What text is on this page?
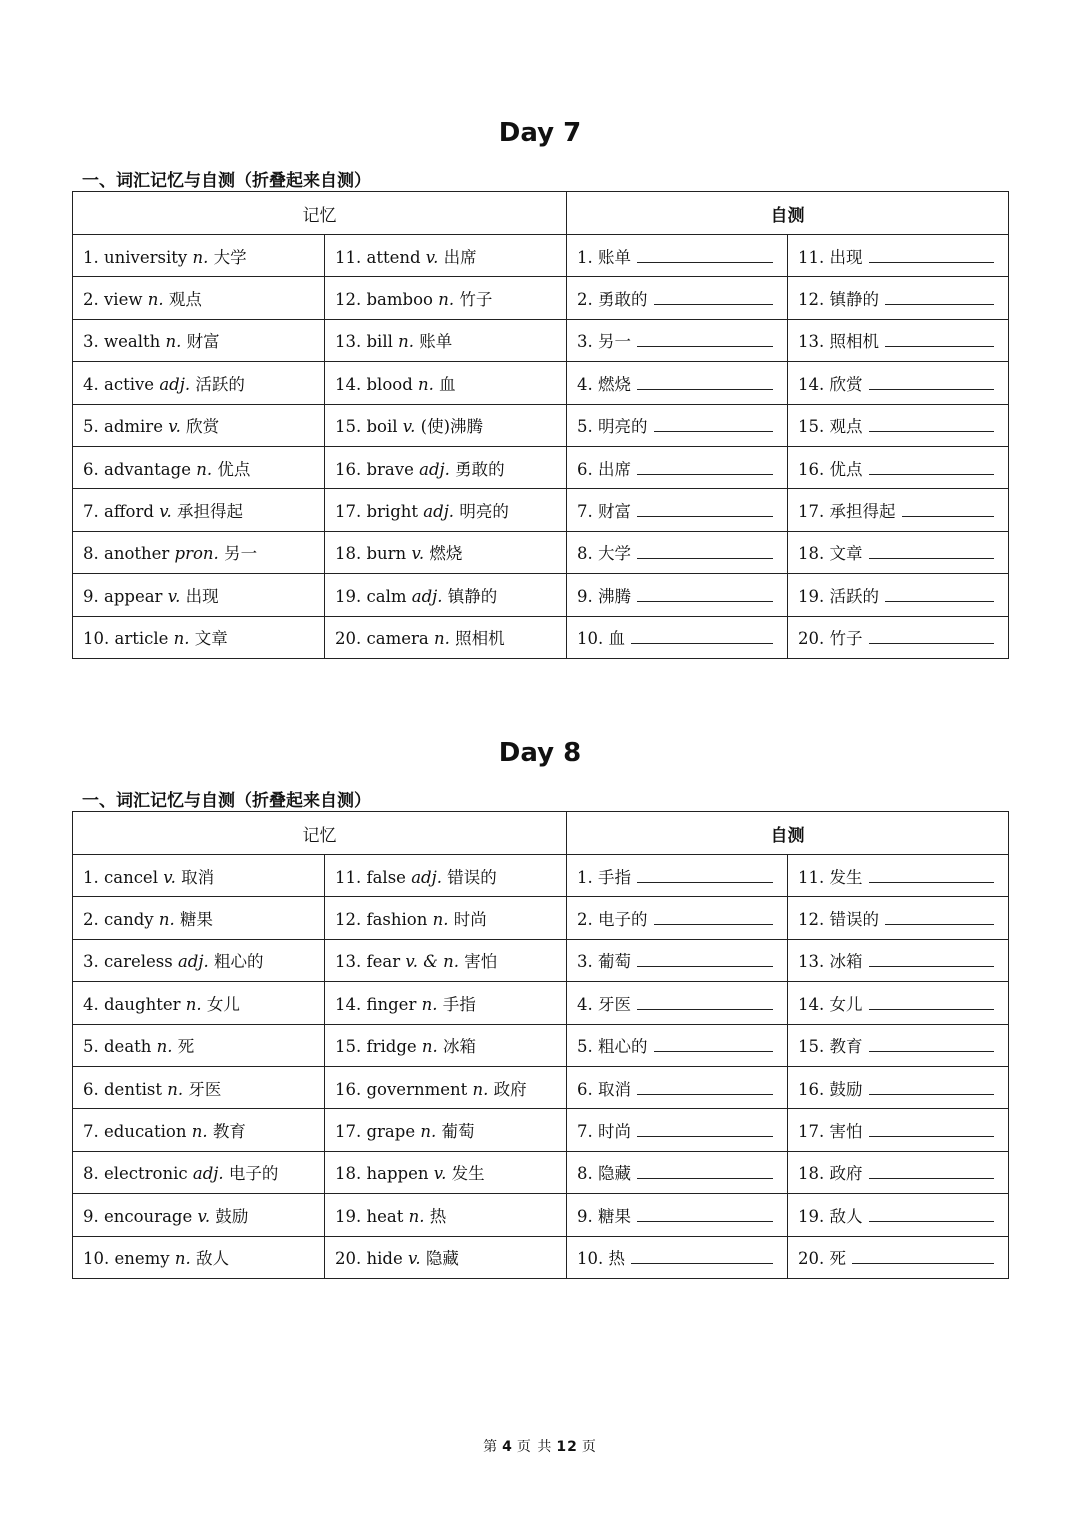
Day 7
一、词汇记忆与自测（折叠起来自测）
记忆		自测	
1. university n. 大学	11. attend v. 出席	1. 账单	11. 出现
2. view n. 观点	12. bamboo n. 竹子	2. 勇敢的	12. 镇静的
3. wealth n. 财富	13. bill n. 账单	3. 另一	13. 照相机
4. active adj. 活跃的	14. blood n. 血	4. 燃烧	14. 欣赏
5. admire v. 欣赏	15. boil v. (使)沸腾	5. 明亮的	15. 观点
6. advantage n. 优点	16. brave adj. 勇敢的	6. 出席	16. 优点
7. afford v. 承担得起	17. bright adj. 明亮的	7. 财富	17. 承担得起
8. another pron. 另一	18. burn v. 燃烧	8. 大学	18. 文章
9. appear v. 出现	19. calm adj. 镇静的	9. 沸腾	19. 活跃的
10. article n. 文章	20. camera n. 照相机	10. 血	20. 竹子
Day 8
一、词汇记忆与自测（折叠起来自测）
记忆		自测	
1. cancel v. 取消	11. false adj. 错误的	1. 手指	11. 发生
2. candy n. 糖果	12. fashion n. 时尚	2. 电子的	12. 错误的
3. careless adj. 粗心的	13. fear v. & n. 害怕	3. 葡萄	13. 冰箱
4. daughter n. 女儿	14. finger n. 手指	4. 牙医	14. 女儿
5. death n. 死	15. fridge n. 冰箱	5. 粗心的	15. 教育
6. dentist n. 牙医	16. government n. 政府	6. 取消	16. 鼓励
7. education n. 教育	17. grape n. 葡萄	7. 时尚	17. 害怕
8. electronic adj. 电子的	18. happen v. 发生	8. 隐藏	18. 政府
9. encourage v. 鼓励	19. heat n. 热	9. 糖果	19. 敌人
10. enemy n. 敌人	20. hide v. 隐藏	10. 热	20. 死
第 4 页 共 12 页
